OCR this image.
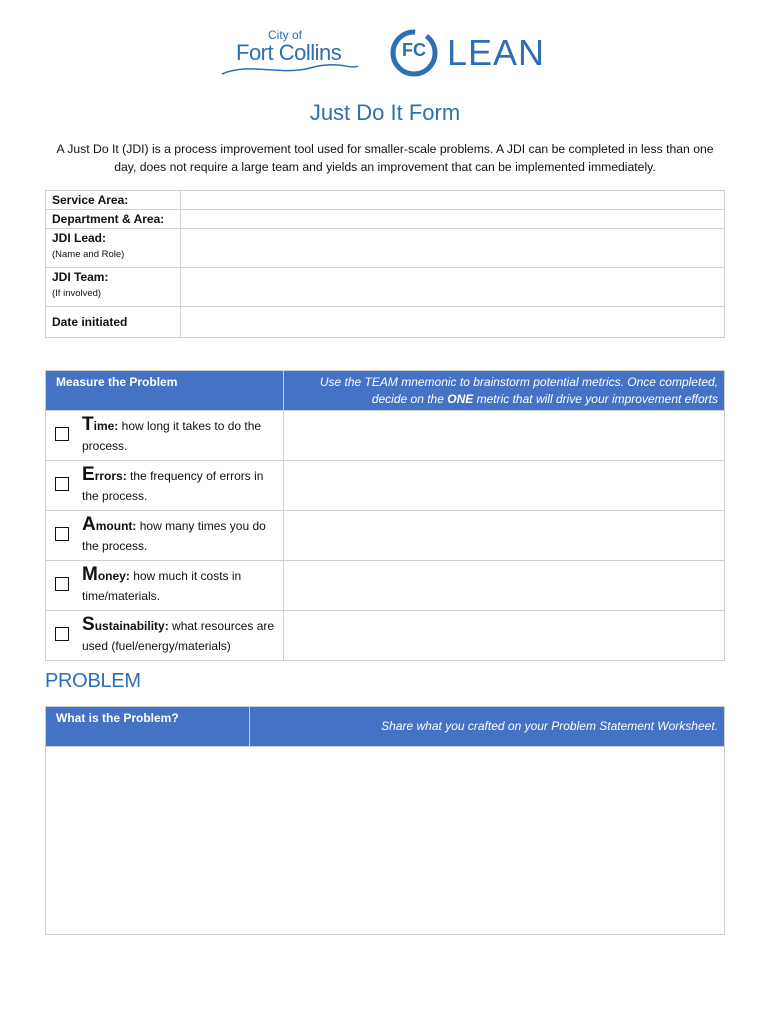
City of
Fort Collins	FC LEAN
Just Do It Form
A Just Do It (JDI) is a process improvement tool used for smaller-scale problems. A JDI can be completed in less than one day, does not require a large team and yields an improvement that can be implemented immediately.
Service Area:	
Department & Area:	
JDI Lead:
(Name and Role)	

JDI Team:
(If involved)	

Date initiated	
Measure the Problem		Use the TEAM mnemonic to brainstorm potential metrics. Once completed, decide on the ONE metric that will drive your improvement efforts
	Time: how long it takes to do the process.	
	Errors: the frequency of errors in the process.	
	Amount: how many times you do the process.	
	Money: how much it costs in time/materials.	
	Sustainability: what resources are used (fuel/energy/materials)	
PROBLEM
What is the Problem?	Share what you crafted on your Problem Statement Worksheet.
